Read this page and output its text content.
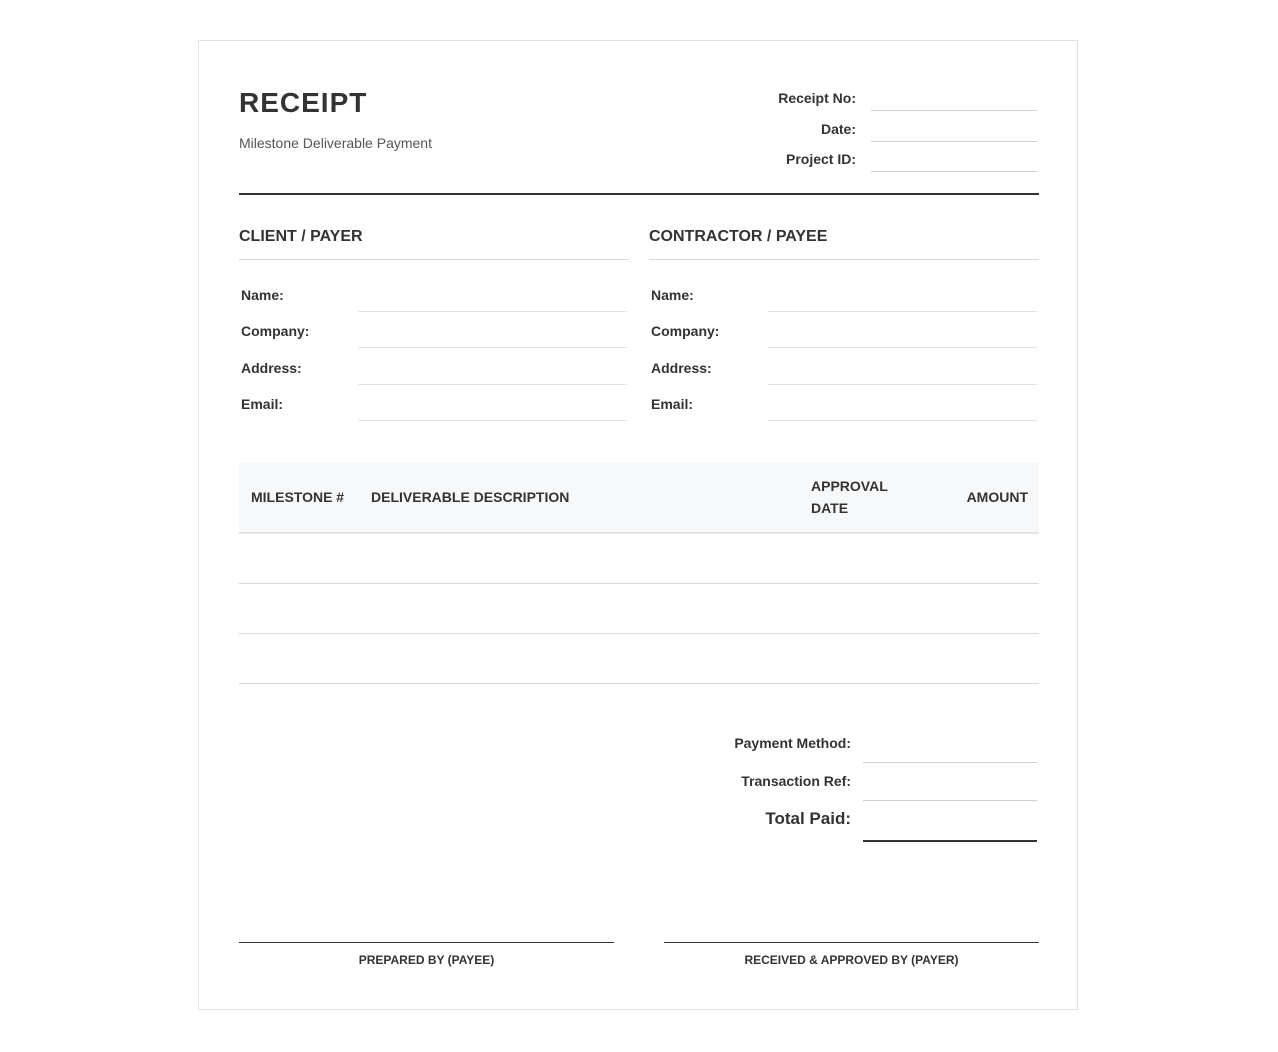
RECEIPT
Milestone Deliverable Payment
Receipt No:
Date:
Project ID:
CLIENT / PAYER
Name:
Company:
Address:
Email:
CONTRACTOR / PAYEE
Name:
Company:
Address:
Email:
MILESTONE # DELIVERABLE DESCRIPTION
APPROVAL DATE
AMOUNT
Payment Method:
Transaction Ref:
Total Paid:
PREPARED BY (PAYEE)	RECEIVED & APPROVED BY (PAYER)
